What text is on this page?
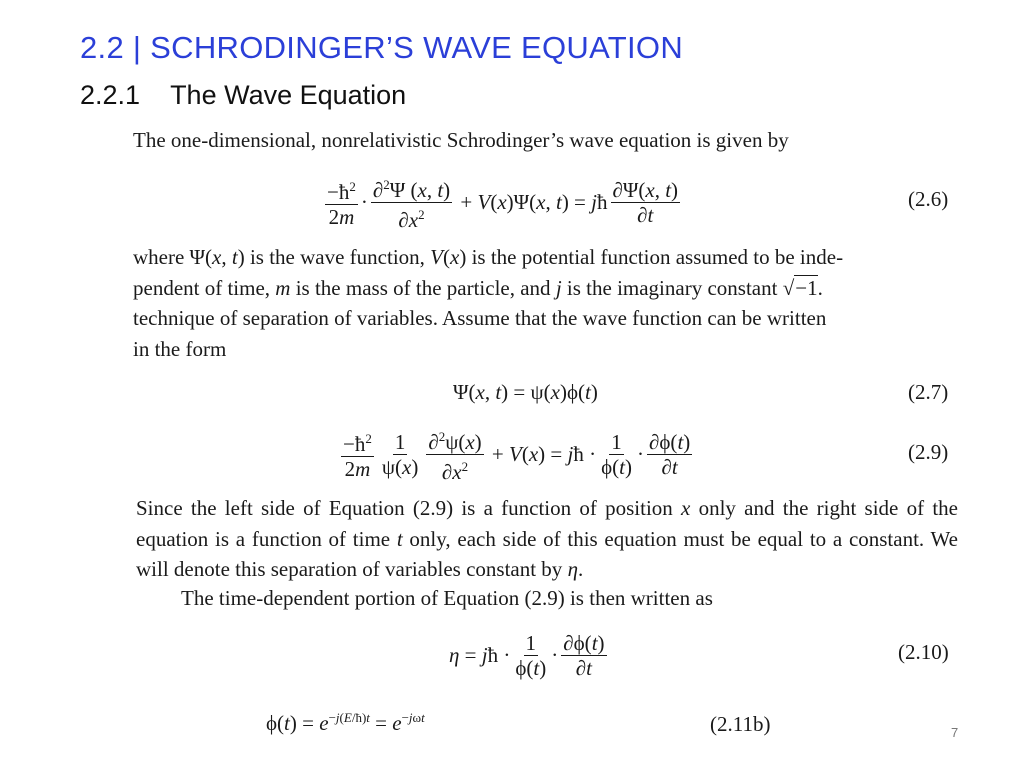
2.2 | SCHRODINGER’S WAVE EQUATION
2.2.1 The Wave Equation
The one-dimensional, nonrelativistic Schrodinger’s wave equation is given by
$\frac{-ħ^2}{2m} \cdot \frac{\partial^2\Psi (x, t)}{\partial x^2} + V(x)\Psi(x$, t) = jħ $\frac{\partial\Psi(x, t)}{\partial t}$	(2.6)
where Ψ(x, t) is the wave function, V(x) is the potential function assumed to be inde-
pendent of time, m is the mass of the particle, and j is the imaginary constant √−1.
technique of separation of variables. Assume that the wave function can be written
in the form
Ψ(x, t) = ψ(x)ϕ(t)	(2.7)
$\frac{-ħ^2}{2m} \frac{1}{\psi(x)} \frac{\partial^2\psi(x)}{\partial x^2} + V(x)$ = jħ · $\frac{1}{\phi(t)} \cdot \frac{\partial\phi(t)}{\partial t}$	(2.9)
Since the left side of Equation (2.9) is a function of position x only and the right side of the equation is a function of time t only, each side of this equation must be equal to a constant. We will denote this separation of variables constant by η.
The time-dependent portion of Equation (2.9) is then written as
η = jħ · $\frac{1}{\phi(t)} \cdot \frac{\partial\phi(t)}{\partial t}$	(2.10)
$\phi(t) = e^{-j(E/ħ)t} = e^{-j\omega t}$	(2.11b)	7
